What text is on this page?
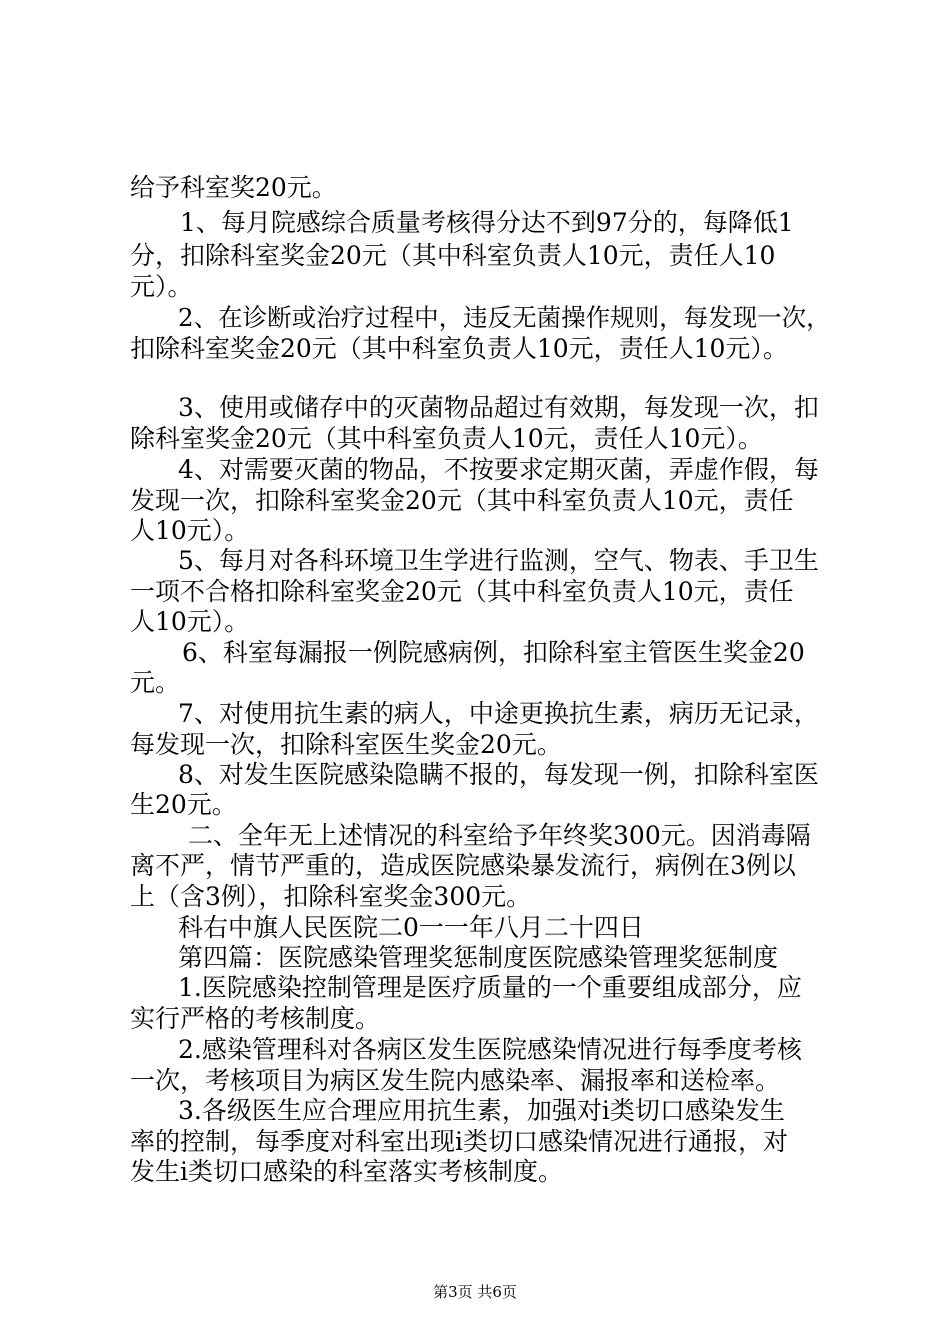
给予科室奖20元。
1、每月院感综合质量考核得分达不到97分的，每降低1
分，扣除科室奖金20元（其中科室负责人10元，责任人10
元）。
2、在诊断或治疗过程中，违反无菌操作规则，每发现一次，
扣除科室奖金20元（其中科室负责人10元，责任人10元）。
3、使用或储存中的灭菌物品超过有效期，每发现一次，扣
除科室奖金20元（其中科室负责人10元，责任人10元）。
4、对需要灭菌的物品，不按要求定期灭菌，弄虚作假，每
发现一次，扣除科室奖金20元（其中科室负责人10元，责任
人10元）。
5、每月对各科环境卫生学进行监测，空气、物表、手卫生
一项不合格扣除科室奖金20元（其中科室负责人10元，责任
人10元）。
6、科室每漏报一例院感病例，扣除科室主管医生奖金20
元。
7、对使用抗生素的病人，中途更换抗生素，病历无记录，
每发现一次，扣除科室医生奖金20元。
8、对发生医院感染隐瞒不报的，每发现一例，扣除科室医
生20元。
二、全年无上述情况的科室给予年终奖300元。因消毒隔
离不严，情节严重的，造成医院感染暴发流行，病例在3例以
上（含3例），扣除科室奖金300元。
科右中旗人民医院二0一一年八月二十四日
第四篇：医院感染管理奖惩制度医院感染管理奖惩制度
1.医院感染控制管理是医疗质量的一个重要组成部分，应
实行严格的考核制度。
2.感染管理科对各病区发生医院感染情况进行每季度考核
一次，考核项目为病区发生院内感染率、漏报率和送检率。
3.各级医生应合理应用抗生素，加强对i类切口感染发生
率的控制，每季度对科室出现i类切口感染情况进行通报，对
发生i类切口感染的科室落实考核制度。
第3页 共6页
